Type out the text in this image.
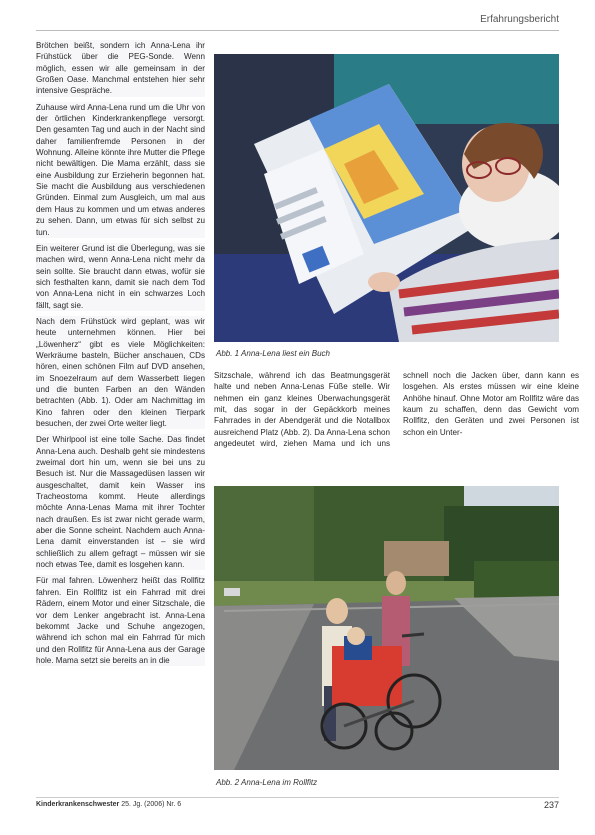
Erfahrungsbericht

Brötchen beißt, sondern ich Anna-Lena ihr Frühstück über die PEG-Sonde. Wenn möglich, essen wir alle gemeinsam in der Großen Oase. Manchmal entstehen hier sehr intensive Gespräche.

Zuhause wird Anna-Lena rund um die Uhr von der örtlichen Kinderkrankenpflege versorgt. Den gesamten Tag und auch in der Nacht sind daher familienfremde Personen in der Wohnung. Alleine könnte ihre Mutter die Pflege nicht bewältigen. Die Mama erzählt, dass sie eine Ausbildung zur Erzieherin begonnen hat. Sie macht die Ausbildung aus verschiedenen Gründen. Einmal zum Ausgleich, um mal aus dem Haus zu kommen und um etwas anderes zu sehen. Dann, um etwas für sich selbst zu tun.

Ein weiterer Grund ist die Überlegung, was sie machen wird, wenn Anna-Lena nicht mehr da sein sollte. Sie braucht dann etwas, wofür sie sich festhalten kann, damit sie nach dem Tod von Anna-Lena nicht in ein schwarzes Loch fällt, sagt sie.

Nach dem Frühstück wird geplant, was wir heute unternehmen können. Hier bei „Löwenherz“ gibt es viele Möglichkeiten: Werkräume basteln, Bücher anschauen, CDs hören, einen schönen Film auf DVD ansehen, im Snoezelraum auf dem Wasserbett liegen und die bunten Farben an den Wänden betrachten (Abb. 1). Oder am Nachmittag im Kino fahren oder den kleinen Tierpark besuchen, der zwei Orte weiter liegt.

Der Whirlpool ist eine tolle Sache. Das findet Anna-Lena auch. Deshalb geht sie mindestens zweimal dort hin um, wenn sie bei uns zu Besuch ist. Nur die Massagedüsen lassen wir ausgeschaltet, damit kein Wasser ins Tracheostoma kommt. Heute allerdings möchte Anna-Lenas Mama mit ihrer Tochter nach draußen. Es ist zwar nicht gerade warm, aber die Sonne scheint. Nachdem auch Anna-Lena damit einverstanden ist – sie wird schließlich zu allem gefragt – müssen wir sie noch etwas Tee, damit es losgehen kann.

Für mal fahren. Löwenherz heißt das Rollfitz fahren. Ein Rollfitz ist ein Fahrrad mit drei Rädern, einem Motor und einer Sitzschale, die vor dem Lenker angebracht ist. Anna-Lena bekommt Jacke und Schuhe angezogen, während ich schon mal ein Fahrrad für mich und den Rollfitz für Anna-Lena aus der Garage hole. Mama setzt sie bereits an in die

Abb. 1 Anna-Lena liest ein Buch

Sitzschale, während ich das Beatmungsgerät halte und neben Anna-Lenas Füße stelle. Wir nehmen ein ganz kleines Überwachungsgerät mit, das sogar in der Gepäckkorb meines Fahrrades in der Abendgerät und die Notallbox ausreichend Platz (Abb. 2). Da Anna-Lena schon angedeutet wird, ziehen Mama und ich uns schnell noch die Jacken über, dann kann es losgehen. Als erstes müssen wir eine kleine Anhöhe hinauf. Ohne Motor am Rollfitz wäre das kaum zu schaffen, denn das Gewicht vom Rollfitz, den Geräten und zwei Personen ist schon ein Unter-

Abb. 2 Anna-Lena im Rollfitz
Kinderkrankenschwester 25. Jg. (2006) Nr. 6	237
